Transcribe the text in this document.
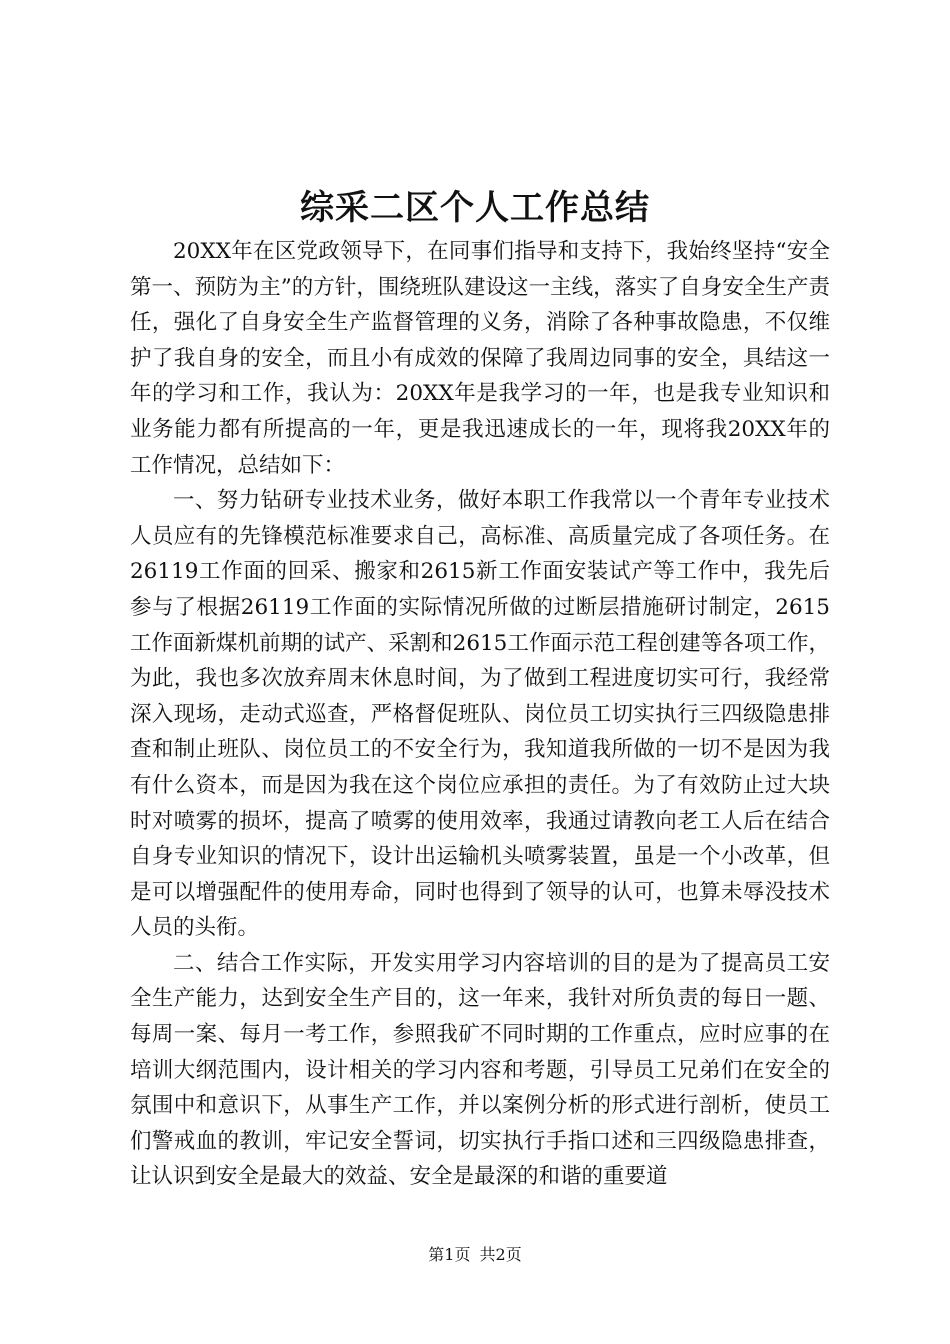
综采二区个人工作总结

20XX年在区党政领导下，在同事们指导和支持下，我始终坚持“安全第一、预防为主”的方针，围绕班队建设这一主线，落实了自身安全生产责任，强化了自身安全生产监督管理的义务，消除了各种事故隐患，不仅维护了我自身的安全，而且小有成效的保障了我周边同事的安全，具结这一年的学习和工作，我认为：20XX年是我学习的一年，也是我专业知识和业务能力都有所提高的一年，更是我迅速成长的一年，现将我20XX年的工作情况，总结如下：

一、努力钻研专业技术业务，做好本职工作我常以一个青年专业技术人员应有的先锋模范标准要求自己，高标准、高质量完成了各项任务。在26119工作面的回采、搬家和2615新工作面安装试产等工作中，我先后参与了根据26119工作面的实际情况所做的过断层措施研讨制定，2615工作面新煤机前期的试产、采割和2615工作面示范工程创建等各项工作，为此，我也多次放弃周末休息时间，为了做到工程进度切实可行，我经常深入现场，走动式巡查，严格督促班队、岗位员工切实执行三四级隐患排查和制止班队、岗位员工的不安全行为，我知道我所做的一切不是因为我有什么资本，而是因为我在这个岗位应承担的责任。为了有效防止过大块时对喷雾的损坏，提高了喷雾的使用效率，我通过请教向老工人后在结合自身专业知识的情况下，设计出运输机头喷雾装置，虽是一个小改革，但是可以增强配件的使用寿命，同时也得到了领导的认可，也算未辱没技术人员的头衔。

二、结合工作实际，开发实用学习内容培训的目的是为了提高员工安全生产能力，达到安全生产目的，这一年来，我针对所负责的每日一题、每周一案、每月一考工作，参照我矿不同时期的工作重点，应时应事的在培训大纲范围内，设计相关的学习内容和考题，引导员工兄弟们在安全的氛围中和意识下，从事生产工作，并以案例分析的形式进行剖析，使员工们警戒血的教训，牢记安全誓词，切实执行手指口述和三四级隐患排查，让认识到安全是最大的效益、安全是最深的和谐的重要道

第1页 共2页
